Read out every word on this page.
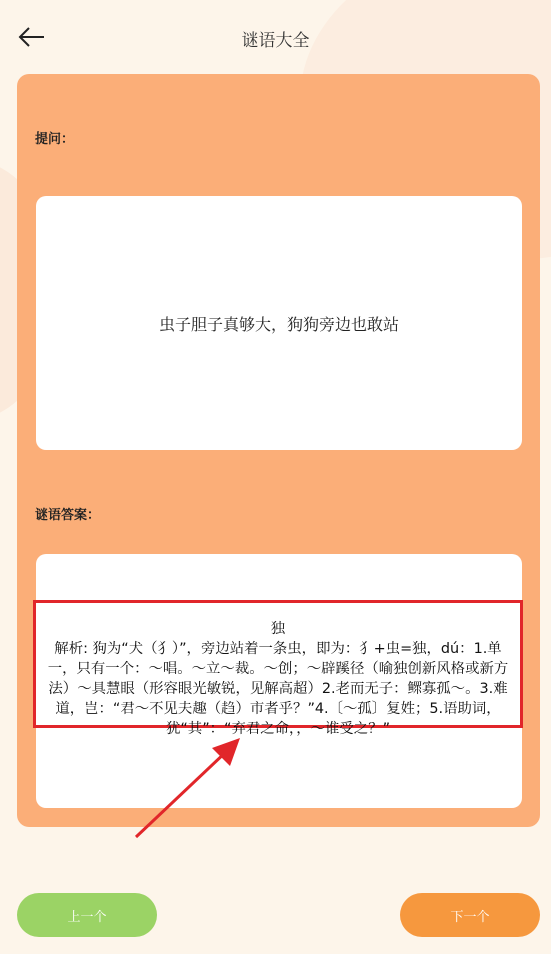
谜语大全
提问：
虫子胆子真够大，狗狗旁边也敢站
谜语答案：
独
解析: 狗为“犬（犭）”，旁边站着一条虫，即为：犭+虫=独，dú：1.单一，只有一个：～唱。～立～裁。～创；～辟蹊径（喻独创新风格或新方法）～具慧眼（形容眼光敏锐，见解高超）2.老而无子：鳏寡孤～。3.难道，岂：“君～不见夫趣（趋）市者乎？”4.〔～孤〕复姓；5.语助词，犹“其”：“弃君之命，，～谁受之？”
上一个	下一个
